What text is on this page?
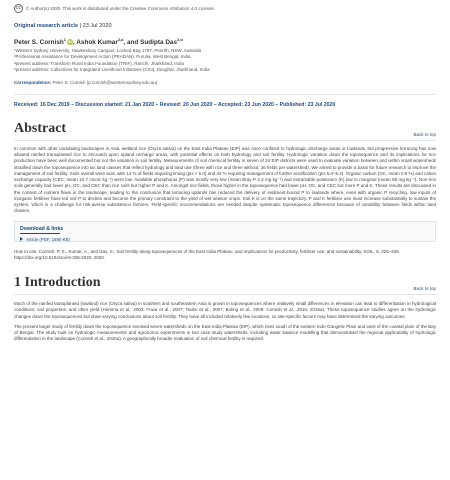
cc	© Author(s) 2020. This work is distributed under the Creative Commons Attribution 4.0 License.
Original research article | 23 Jul 2020
Peter S. Cornish$^1$ iD, Ashok Kumar$^{2,a}$, and Sudipta Das$^{2,b}$
¹Western Sydney University, Hawkesbury Campus, Locked Bag 1797, Penrith, NSW, Australia
²Professional Assistance for Development Action (PRADAN), Purulia, West Bengal, India
ᵃpresent address: Transform Rural India Foundation (TRIF), Ranchi, Jharkhand, India
ᵇpresent address: Collectives for Integrated Livelihood Initiatives (CInI), Deoghar, Jharkhand, India
Correspondence: Peter S. Cornish (p.cornish@westernsydney.edu.au)
Received: 16 Dec 2019 – Discussion started: 21 Jan 2020 – Revised: 20 Jun 2020 – Accepted: 23 Jun 2020 – Published: 23 Jul 2020
Abstract	Back to top

In common with other undulating landscapes in Asia, wetland rice (Oryza sativa) on the East India Plateau (EIP) was once confined to hydrologic discharge areas or lowlands, but progressive terracing has now allowed rainfed transplanted rice to encroach upon upland recharge areas, with potential effects on both hydrology and soil fertility. Hydrologic variation down the toposequence and its implications for rice production have been well documented but not the variation in soil fertility. Measurements of soil chemical fertility in seven of 24 EIP districts were used to evaluate variation between and within small watersheds stratified down the toposequence into six land classes that reflect hydrology and land use (three with rice and three without; 36 fields per watershed). We aimed to provide a basis for future research to improve the management of soil fertility. Soils overall were acid, with 14 % of fields requiring liming (pH < 5.0) and 44 % requiring management of further acidification (pH 5.0–5.4). Organic carbon (OC, mean 0.9 %) and cation exchange capacity (CEC; mean 10.7 cmolc kg⁻¹) were low. Available phosphorus (P) was mostly very low (mean Bray P 4.3 mg kg⁻¹) and extractable potassium (K) low to marginal (mean 88 mg kg⁻¹). Non-rice soils generally had lower pH, OC, and CEC than rice soils but higher P and K. Amongst rice fields, those higher in the toposequence had lower pH, OC, and CEC but more P and K. These results are discussed in the context of nutrient flows in the landscape, leading to the conclusion that terracing uplands has reduced the delivery of sediment-bound P to lowlands where, even with organic P recycling, low inputs of inorganic fertiliser have led soil P to decline and become the primary constraint to the yield of wet season crops. Soil K is on the same trajectory. P and K fertiliser use must increase substantially to sustain the system, which is a challenge for risk-averse subsistence farmers. Field-specific recommendations are needed despite systematic toposequence differences because of variability between fields within land classes.

Download & links
Article (PDF, 1890 KB)

How to cite. Cornish, P. S., Kumar, A., and Das, S.: Soil fertility along toposequences of the East India Plateau, and implications for productivity, fertiliser use, and sustainability, SOIL, 6, 325–336, https://doi.org/10.5194/soil-6-325-2020, 2020.

1 Introduction	Back to top

Much of the rainfed transplanted (lowland) rice (Oryza sativa) in southern and southeastern Asia is grown in toposequences where relatively small differences in elevation can lead to differentiation in hydrological conditions, soil properties, and often yield (Homma et al., 2003; Fuwa et al., 2007; Tsubo et al., 2007; Boling et al., 2008; Cornish et al., 2010, 2015a). These toposequence studies agree on the hydrologic changes down the toposequences but draw varying conclusions about soil fertility. They have all included relatively few locations, so site-specific factors may have determined the varying outcomes.

The present larger study of fertility down the toposequence involved seven watersheds on the East India Plateau (EIP), which rises south of the eastern Indo-Gangetic Plain and west of the coastal plain of the Bay of Bengal. The study built on hydrologic measurements and agronomic experiments in two case study watersheds, including water balance modelling that demonstrated the regional applicability of hydrologic differentiation in the landscape (Cornish et al., 2015a). A geographically broader evaluation of soil chemical fertility is required
